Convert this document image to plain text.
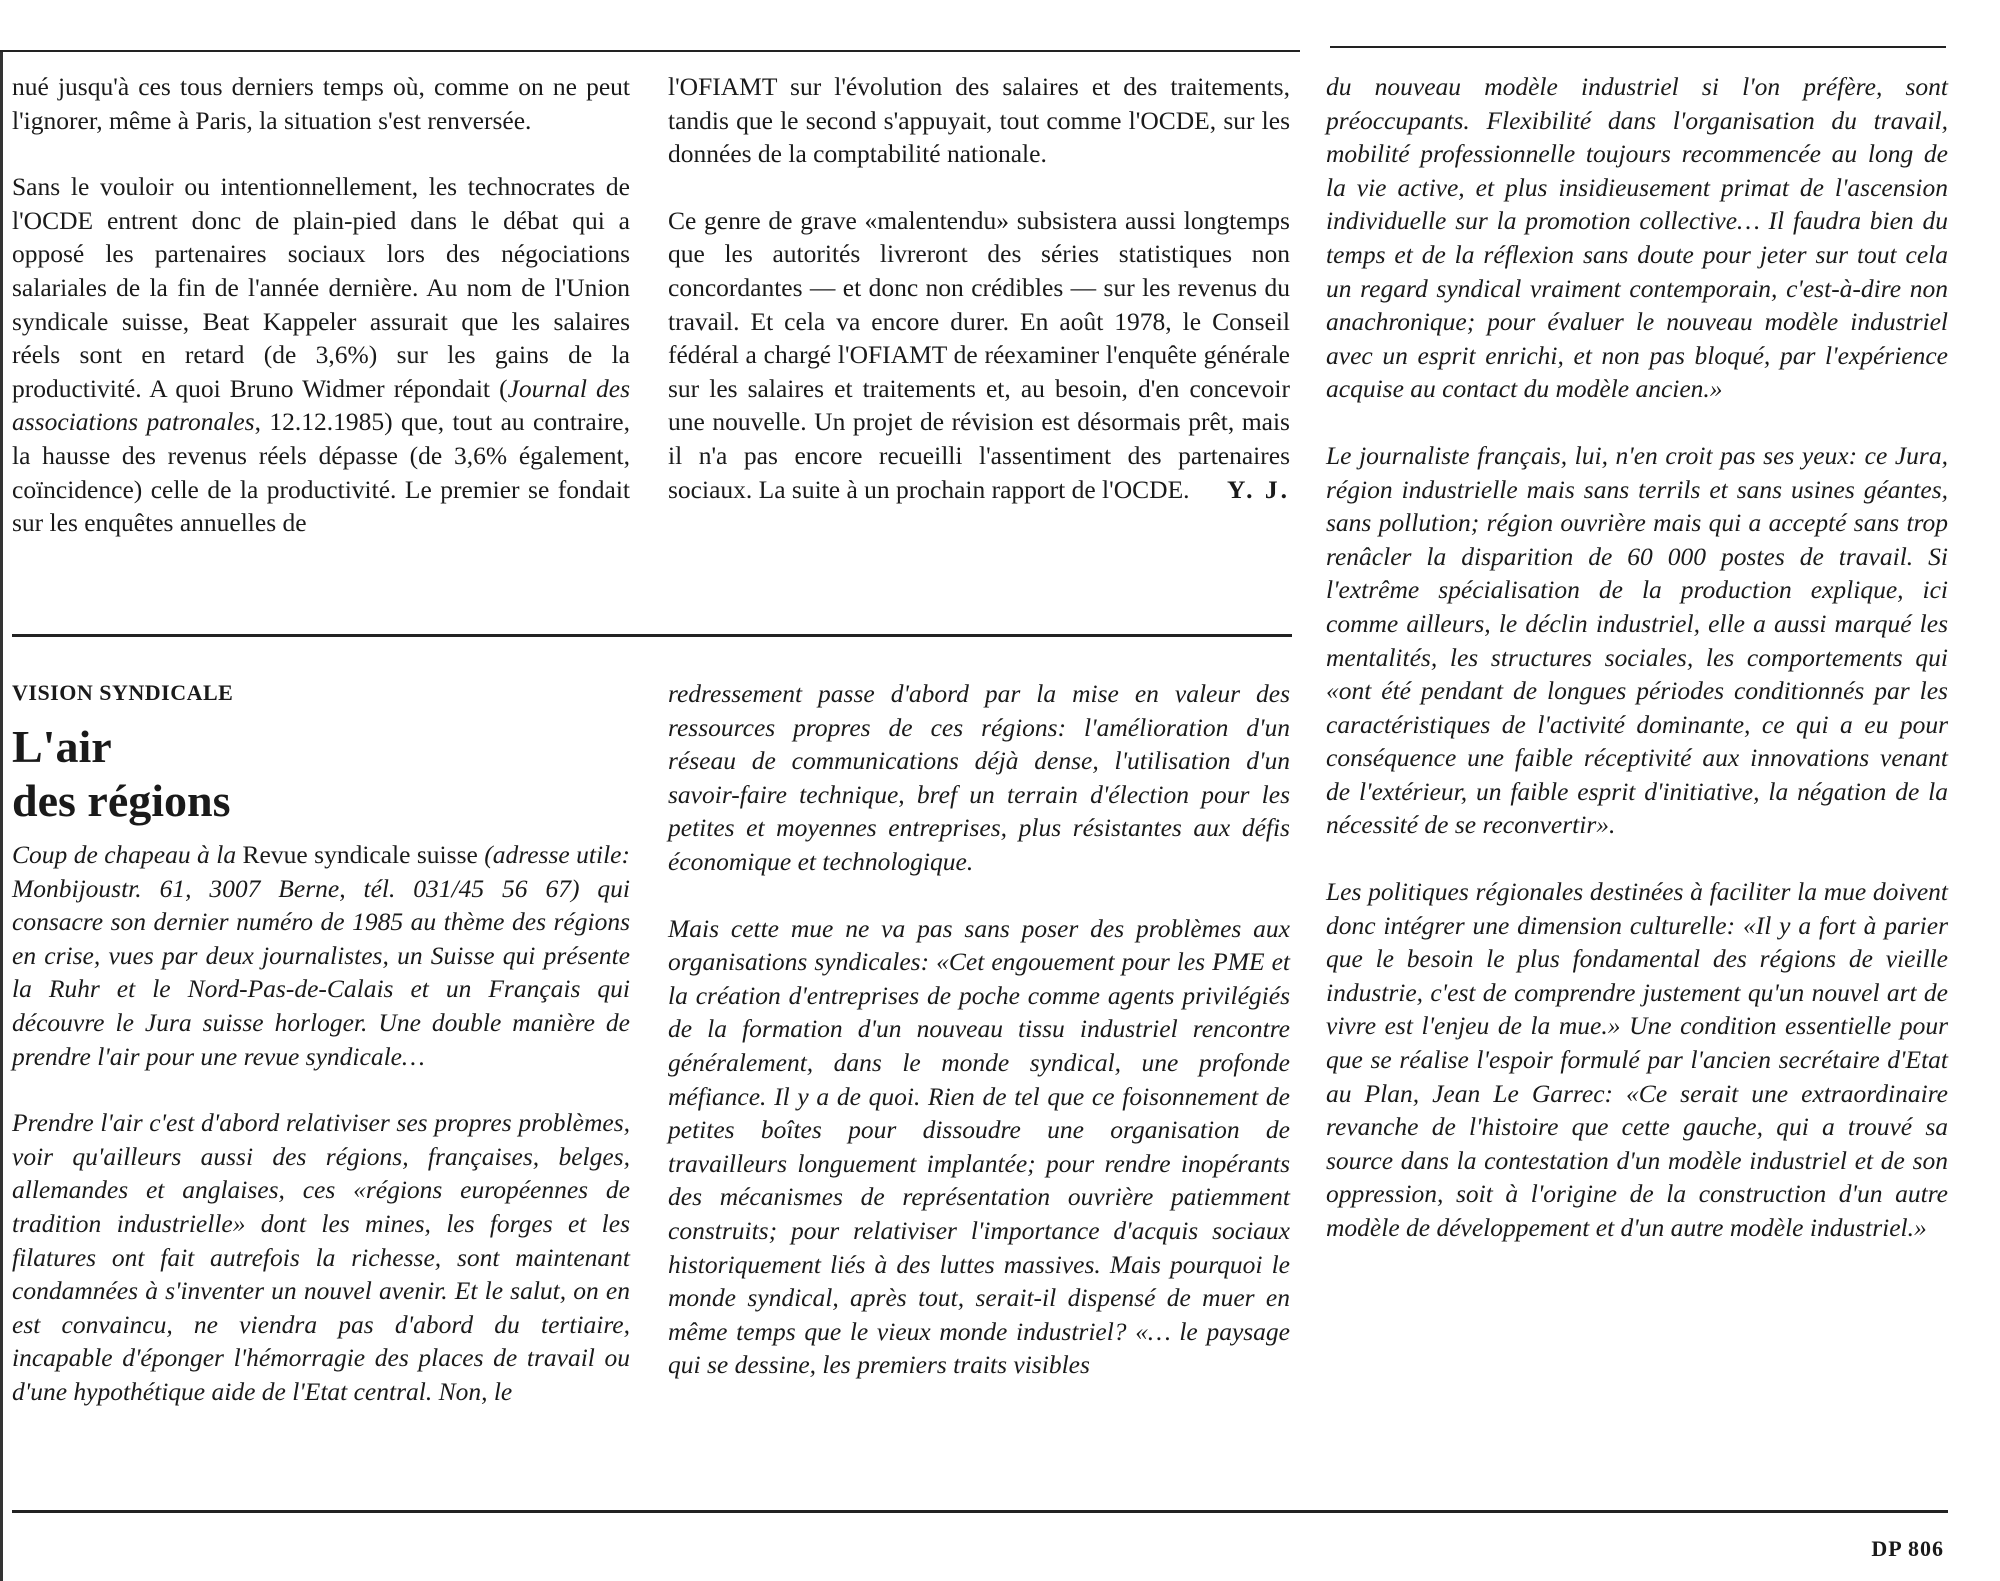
nué jusqu'à ces tous derniers temps où, comme on ne peut l'ignorer, même à Paris, la situation s'est renversée.

Sans le vouloir ou intentionnellement, les technocrates de l'OCDE entrent donc de plain-pied dans le débat qui a opposé les partenaires sociaux lors des négociations salariales de la fin de l'année dernière. Au nom de l'Union syndicale suisse, Beat Kappeler assurait que les salaires réels sont en retard (de 3,6%) sur les gains de la productivité. A quoi Bruno Widmer répondait (Journal des associations patronales, 12.12.1985) que, tout au contraire, la hausse des revenus réels dépasse (de 3,6% également, coïncidence) celle de la productivité. Le premier se fondait sur les enquêtes annuelles de

l'OFIAMT sur l'évolution des salaires et des traitements, tandis que le second s'appuyait, tout comme l'OCDE, sur les données de la comptabilité nationale.

Ce genre de grave «malentendu» subsistera aussi longtemps que les autorités livreront des séries statistiques non concordantes — et donc non crédibles — sur les revenus du travail. Et cela va encore durer. En août 1978, le Conseil fédéral a chargé l'OFIAMT de réexaminer l'enquête générale sur les salaires et traitements et, au besoin, d'en concevoir une nouvelle. Un projet de révision est désormais prêt, mais il n'a pas encore recueilli l'assentiment des partenaires sociaux. La suite à un prochain rapport de l'OCDE. Y. J.

VISION SYNDICALE
L'air
des régions

Coup de chapeau à la Revue syndicale suisse (adresse utile: Monbijoustr. 61, 3007 Berne, tél. 031/45 56 67) qui consacre son dernier numéro de 1985 au thème des régions en crise, vues par deux journalistes, un Suisse qui présente la Ruhr et le Nord-Pas-de-Calais et un Français qui découvre le Jura suisse horloger. Une double manière de prendre l'air pour une revue syndicale…

Prendre l'air c'est d'abord relativiser ses propres problèmes, voir qu'ailleurs aussi des régions, françaises, belges, allemandes et anglaises, ces «régions européennes de tradition industrielle» dont les mines, les forges et les filatures ont fait autrefois la richesse, sont maintenant condamnées à s'inventer un nouvel avenir. Et le salut, on en est convaincu, ne viendra pas d'abord du tertiaire, incapable d'éponger l'hémorragie des places de travail ou d'une hypothétique aide de l'Etat central. Non, le

redressement passe d'abord par la mise en valeur des ressources propres de ces régions: l'amélioration d'un réseau de communications déjà dense, l'utilisation d'un savoir-faire technique, bref un terrain d'élection pour les petites et moyennes entreprises, plus résistantes aux défis économique et technologique.

Mais cette mue ne va pas sans poser des problèmes aux organisations syndicales: «Cet engouement pour les PME et la création d'entreprises de poche comme agents privilégiés de la formation d'un nouveau tissu industriel rencontre généralement, dans le monde syndical, une profonde méfiance. Il y a de quoi. Rien de tel que ce foisonnement de petites boîtes pour dissoudre une organisation de travailleurs longuement implantée; pour rendre inopérants des mécanismes de représentation ouvrière patiemment construits; pour relativiser l'importance d'acquis sociaux historiquement liés à des luttes massives. Mais pourquoi le monde syndical, après tout, serait-il dispensé de muer en même temps que le vieux monde industriel? «… le paysage qui se dessine, les premiers traits visibles

du nouveau modèle industriel si l'on préfère, sont préoccupants. Flexibilité dans l'organisation du travail, mobilité professionnelle toujours recommencée au long de la vie active, et plus insidieusement primat de l'ascension individuelle sur la promotion collective… Il faudra bien du temps et de la réflexion sans doute pour jeter sur tout cela un regard syndical vraiment contemporain, c'est-à-dire non anachronique; pour évaluer le nouveau modèle industriel avec un esprit enrichi, et non pas bloqué, par l'expérience acquise au contact du modèle ancien.»

Le journaliste français, lui, n'en croit pas ses yeux: ce Jura, région industrielle mais sans terrils et sans usines géantes, sans pollution; région ouvrière mais qui a accepté sans trop renâcler la disparition de 60 000 postes de travail. Si l'extrême spécialisation de la production explique, ici comme ailleurs, le déclin industriel, elle a aussi marqué les mentalités, les structures sociales, les comportements qui «ont été pendant de longues périodes conditionnés par les caractéristiques de l'activité dominante, ce qui a eu pour conséquence une faible réceptivité aux innovations venant de l'extérieur, un faible esprit d'initiative, la négation de la nécessité de se reconvertir».

Les politiques régionales destinées à faciliter la mue doivent donc intégrer une dimension culturelle: «Il y a fort à parier que le besoin le plus fondamental des régions de vieille industrie, c'est de comprendre justement qu'un nouvel art de vivre est l'enjeu de la mue.» Une condition essentielle pour que se réalise l'espoir formulé par l'ancien secrétaire d'Etat au Plan, Jean Le Garrec: «Ce serait une extraordinaire revanche de l'histoire que cette gauche, qui a trouvé sa source dans la contestation d'un modèle industriel et de son oppression, soit à l'origine de la construction d'un autre modèle de développement et d'un autre modèle industriel.»

DP 806
